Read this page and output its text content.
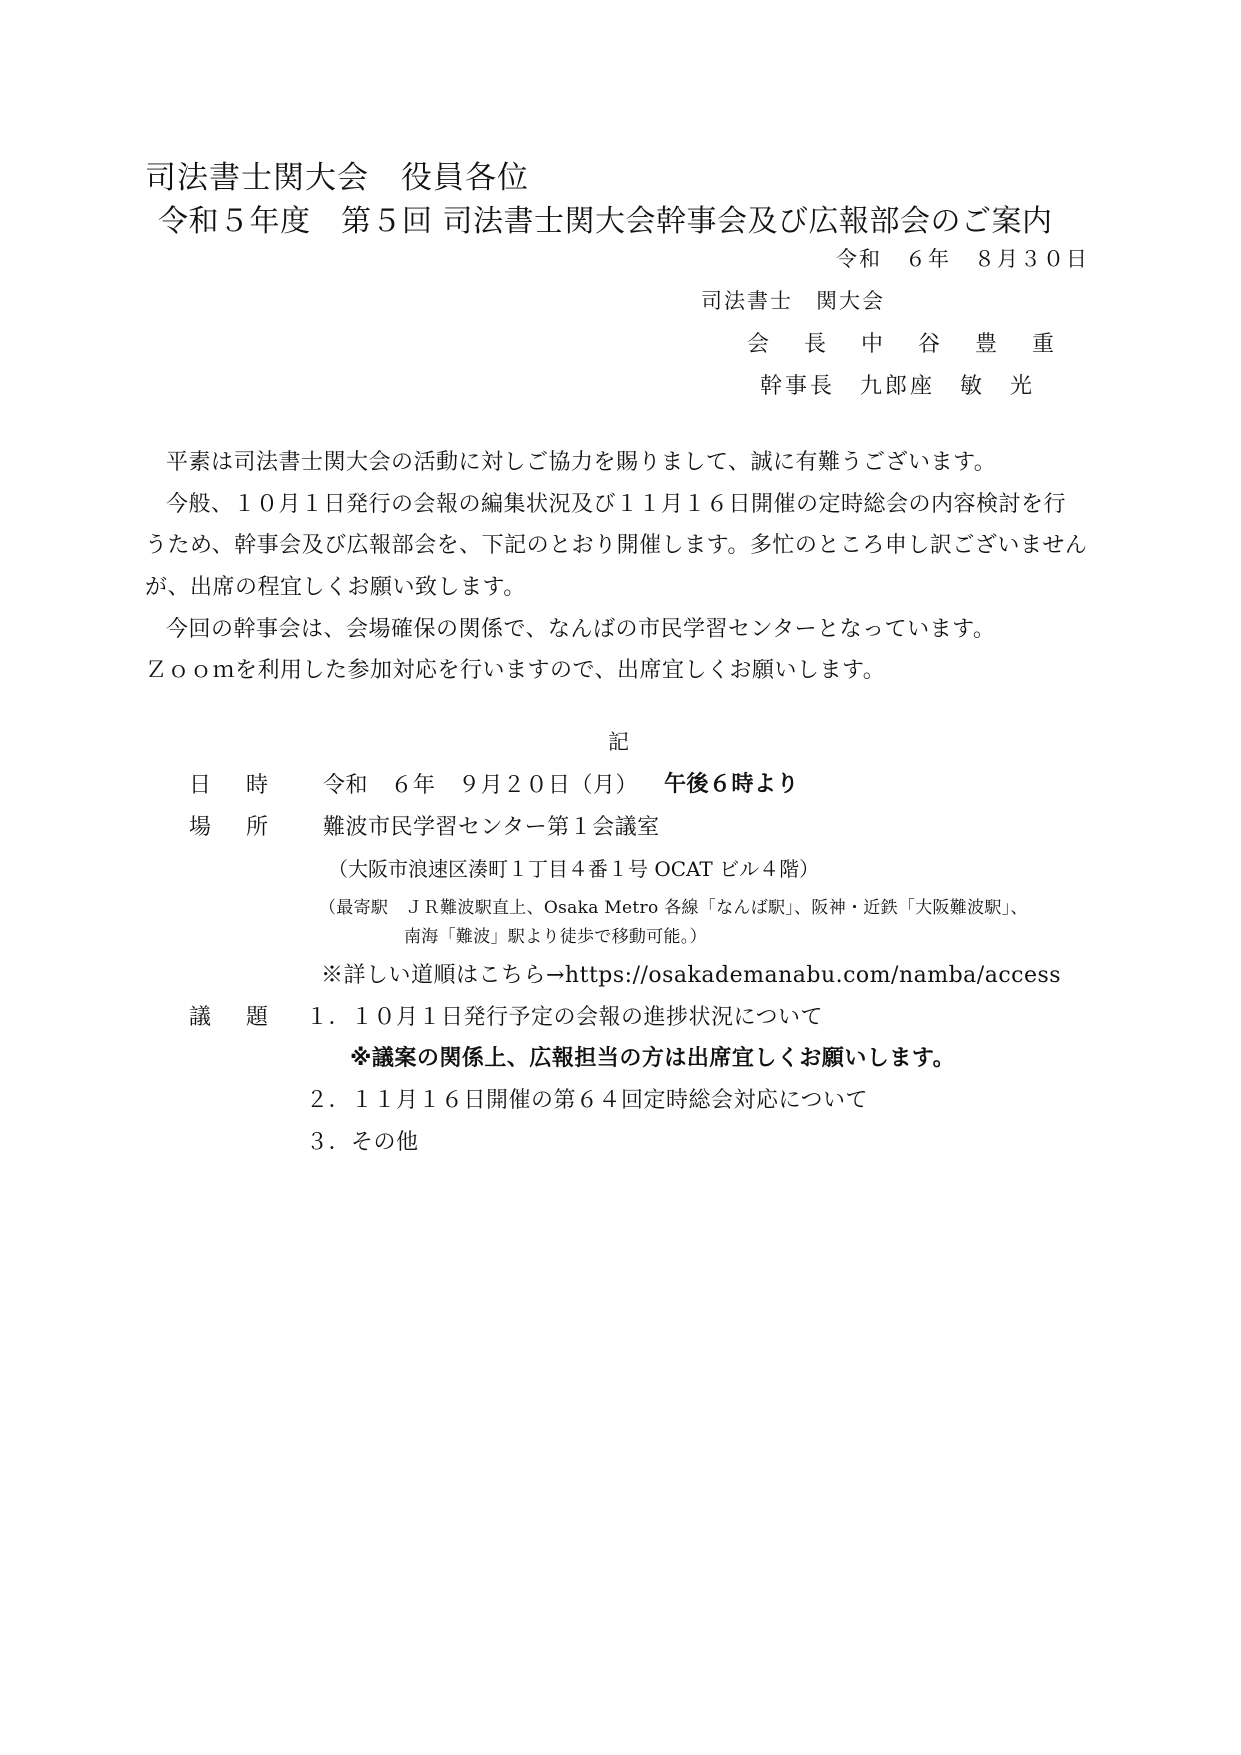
司法書士関大会　役員各位
令和５年度　第５回 司法書士関大会幹事会及び広報部会のご案内
令和　６年　８月３０日
司法書士　関大会
会 長 中 谷 豊 重
幹事長　九郎座　敏　光
平素は司法書士関大会の活動に対しご協力を賜りまして、誠に有難うございます。
今般、１０月１日発行の会報の編集状況及び１１月１６日開催の定時総会の内容検討を行
うため、幹事会及び広報部会を、下記のとおり開催します。多忙のところ申し訳ございません
が、出席の程宜しくお願い致します。
今回の幹事会は、会場確保の関係で、なんばの市民学習センターとなっています。
Ｚｏｏｍを利用した参加対応を行いますので、出席宜しくお願いします。
記
日 時 令和　６年　９月２０日（月） 午後６時より
場 所 難波市民学習センター第１会議室
（大阪市浪速区湊町１丁目４番１号 OCAT ビル４階）
（最寄駅　ＪＲ難波駅直上、Osaka Metro 各線「なんば駅」、阪神・近鉄「大阪難波駅」、
南海「難波」駅より徒歩で移動可能。）
※詳しい道順はこちら→https://osakademanabu.com/namba/access
議 題 １．１０月１日発行予定の会報の進捗状況について
※議案の関係上、広報担当の方は出席宜しくお願いします。
２．１１月１６日開催の第６４回定時総会対応について
３．その他
